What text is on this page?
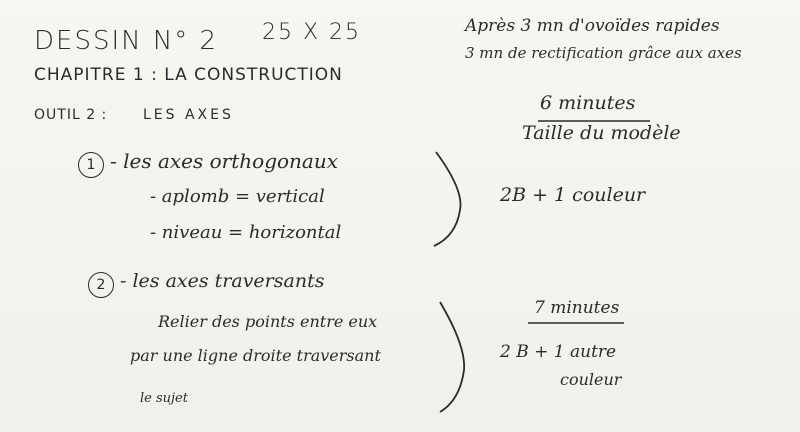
DESSIN N° 2 25 X 25	Après 3 mn d'ovoïdes rapides
3 mn de rectification grâce aux axes
CHAPITRE 1 : LA CONSTRUCTION
OUTIL 2 :	LES AXES
1 - les axes orthogonaux
- aplomb = vertical
- niveau = horizontal
6 minutes
Taille du modèle
2B + 1 couleur
2 - les axes traversants
Relier des points entre eux
par une ligne droite traversant
le sujet
7 minutes
2 B + 1 autre
couleur
